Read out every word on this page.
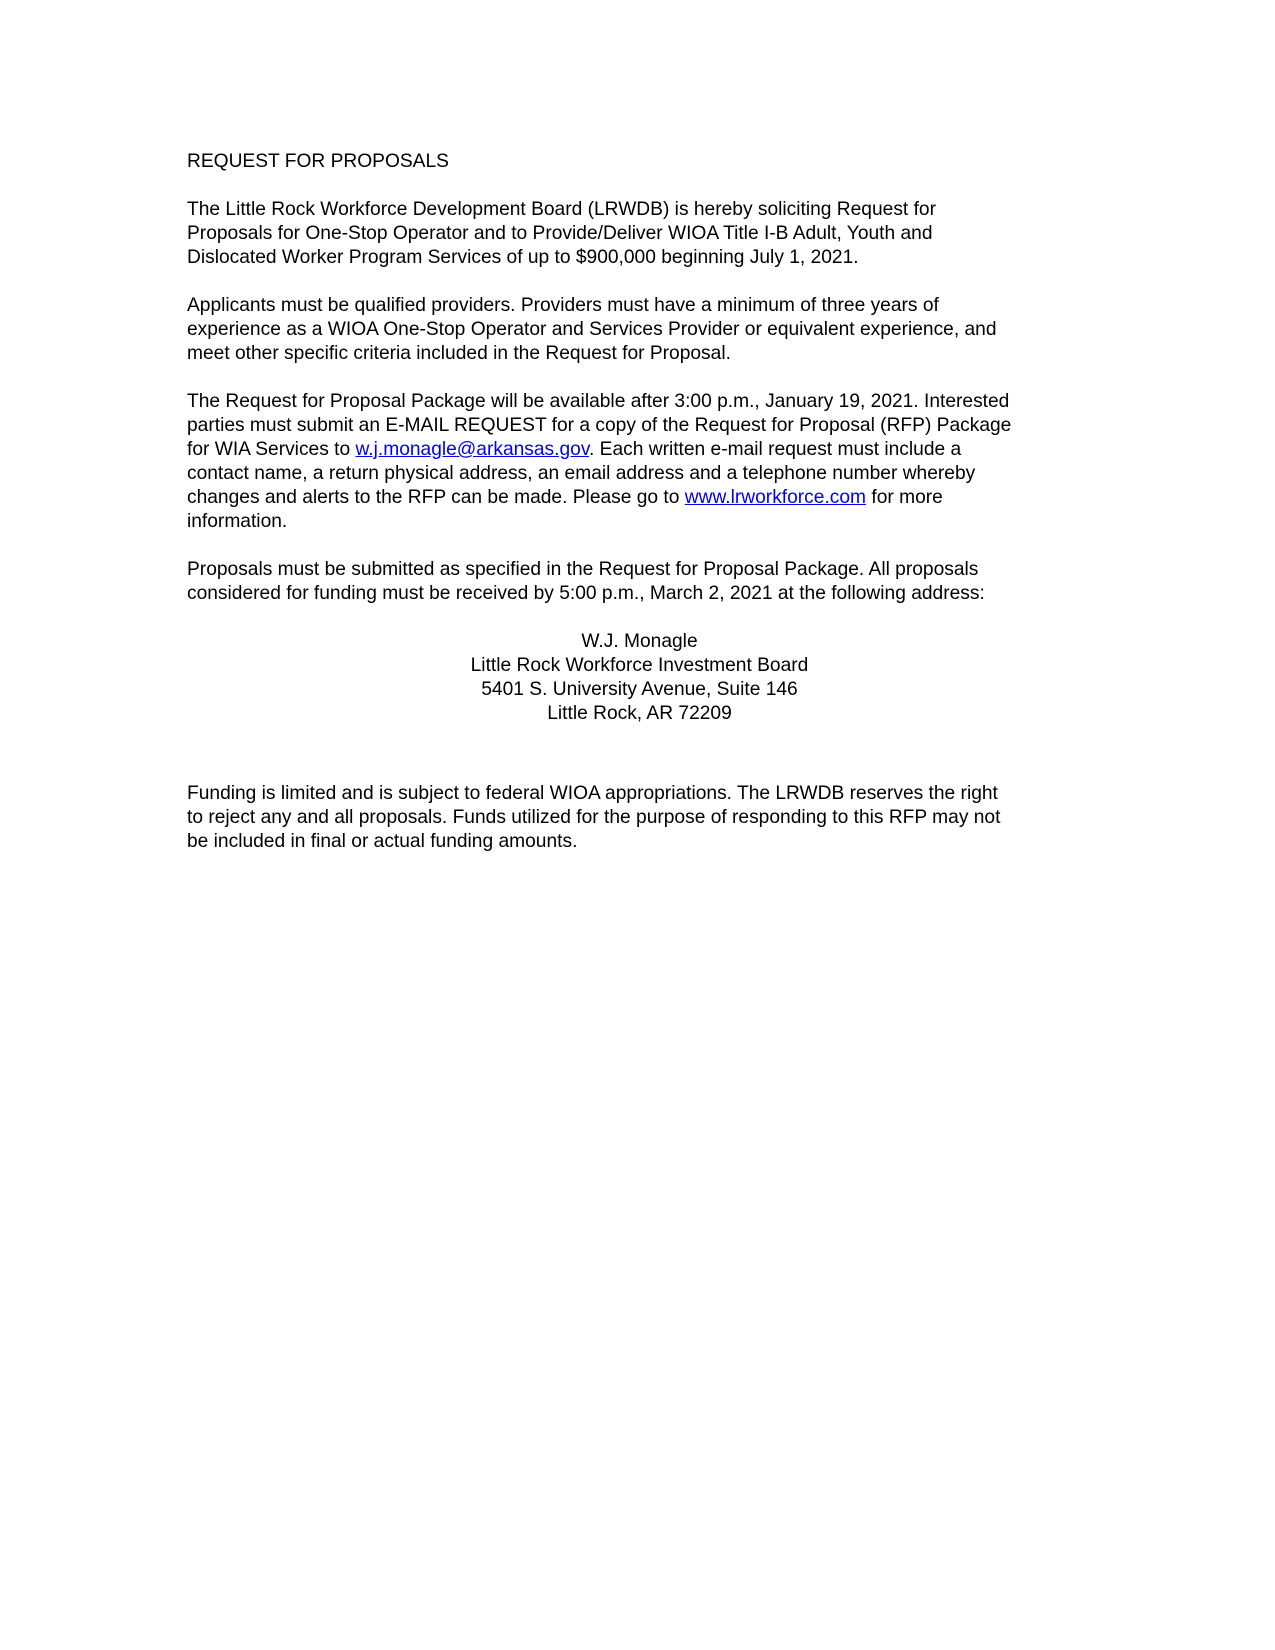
REQUEST FOR PROPOSALS

The Little Rock Workforce Development Board (LRWDB) is hereby soliciting Request for
Proposals for One-Stop Operator and to Provide/Deliver WIOA Title I-B Adult, Youth and
Dislocated Worker Program Services of up to $900,000 beginning July 1, 2021.

Applicants must be qualified providers. Providers must have a minimum of three years of
experience as a WIOA One-Stop Operator and Services Provider or equivalent experience, and
meet other specific criteria included in the Request for Proposal.

The Request for Proposal Package will be available after 3:00 p.m., January 19, 2021. Interested
parties must submit an E-MAIL REQUEST for a copy of the Request for Proposal (RFP) Package
for WIA Services to w.j.monagle@arkansas.gov. Each written e-mail request must include a
contact name, a return physical address, an email address and a telephone number whereby
changes and alerts to the RFP can be made. Please go to www.lrworkforce.com for more
information.

Proposals must be submitted as specified in the Request for Proposal Package. All proposals
considered for funding must be received by 5:00 p.m., March 2, 2021 at the following address:

W.J. Monagle
Little Rock Workforce Investment Board
5401 S. University Avenue, Suite 146
Little Rock, AR 72209

Funding is limited and is subject to federal WIOA appropriations. The LRWDB reserves the right
to reject any and all proposals. Funds utilized for the purpose of responding to this RFP may not
be included in final or actual funding amounts.
